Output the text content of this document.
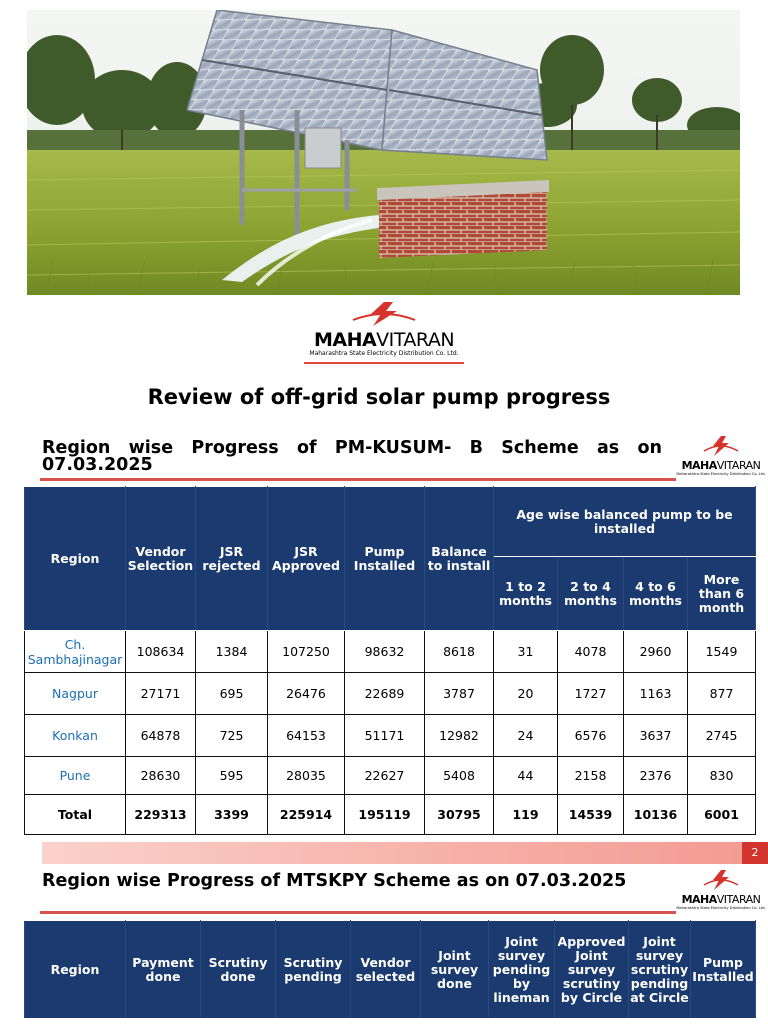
MAHAVITARAN
Maharashtra State Electricity Distribution Co. Ltd.
Review of off-grid solar pump progress
Region wise Progress of PM-KUSUM- B Scheme as on 07.03.2025	MAHAVITARAN
Maharashtra State Electricity Distribution Co. Ltd.
Region	Vendor Selection	JSR rejected	JSR Approved	Pump Installed	Balance to install	Age wise balanced pump to be installed			
						1 to 2 months	2 to 4 months	4 to 6 months	More than 6 month
Ch. Sambhajinagar	108634	1384	107250	98632	8618	31	4078	2960	1549
Nagpur	27171	695	26476	22689	3787	20	1727	1163	877
Konkan	64878	725	64153	51171	12982	24	6576	3637	2745
Pune	28630	595	28035	22627	5408	44	2158	2376	830
Total	229313	3399	225914	195119	30795	119	14539	10136	6001
2
Region wise Progress of MTSKPY Scheme as on 07.03.2025
MAHAVITARAN
Maharashtra State Electricity Distribution Co. Ltd.
Region	Payment done	Scrutiny done	Scrutiny pending	Vendor selected	Joint survey done	Joint survey pending by lineman	Approved Joint survey scrutiny by Circle	Joint survey scrutiny pending at Circle	Pump Installed
